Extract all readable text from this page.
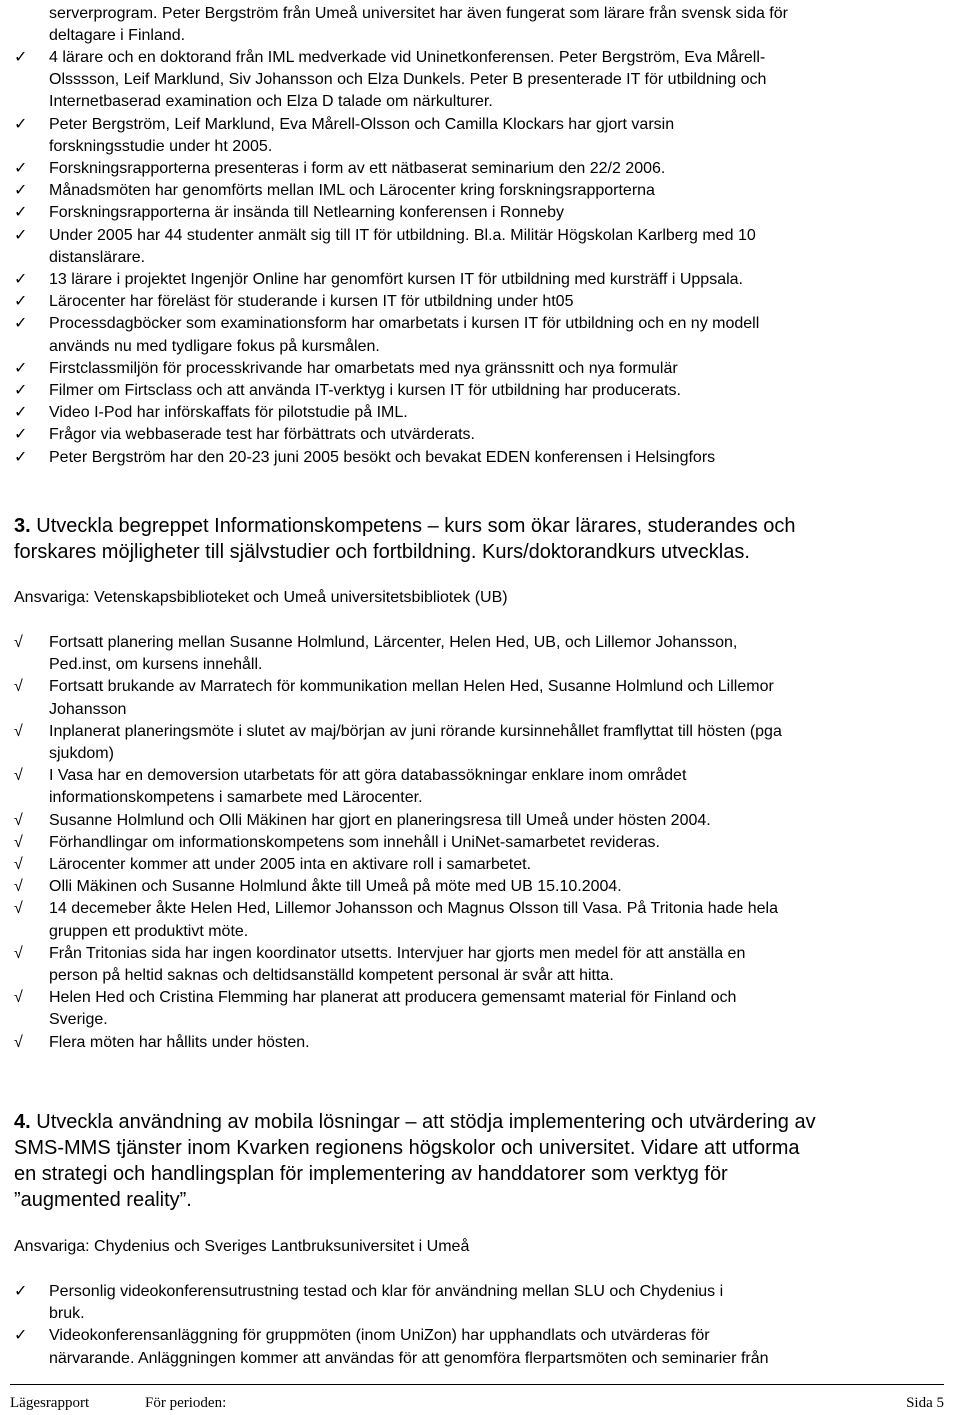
serverprogram. Peter Bergström från Umeå universitet har även fungerat som lärare från svensk sida för
deltagare i Finland.
✓	4 lärare och en doktorand från IML medverkade vid Uninetkonferensen. Peter Bergström, Eva Mårell-
Olsssson, Leif Marklund, Siv Johansson och Elza Dunkels. Peter B presenterade IT för utbildning och
Internetbaserad examination och Elza D talade om närkulturer.
✓	Peter Bergström, Leif Marklund, Eva Mårell-Olsson och Camilla Klockars har gjort varsin
forskningsstudie under ht 2005.
✓	Forskningsrapporterna presenteras i form av ett nätbaserat seminarium den 22/2 2006.
✓	Månadsmöten har genomförts mellan IML och Lärocenter kring forskningsrapporterna
✓	Forskningsrapporterna är insända till Netlearning konferensen i Ronneby
✓	Under 2005 har 44 studenter anmält sig till IT för utbildning. Bl.a. Militär Högskolan Karlberg med 10
distanslärare.
✓	13 lärare i projektet Ingenjör Online har genomfört kursen IT för utbildning med kursträff i Uppsala.
✓	Lärocenter har föreläst för studerande i kursen IT för utbildning under ht05
✓	Processdagböcker som examinationsform har omarbetats i kursen IT för utbildning och en ny modell
används nu med tydligare fokus på kursmålen.
✓	Firstclassmiljön för processkrivande har omarbetats med nya gränssnitt och nya formulär
✓	Filmer om Firtsclass och att använda IT-verktyg i kursen IT för utbildning har producerats.
✓	Video I-Pod har införskaffats för pilotstudie på IML.
✓	Frågor via webbaserade test har förbättrats och utvärderats.
✓	Peter Bergström har den 20-23 juni 2005 besökt och bevakat EDEN konferensen i Helsingfors
3. Utveckla begreppet Informationskompetens – kurs som ökar lärares, studerandes och
forskares möjligheter till självstudier och fortbildning. Kurs/doktorandkurs utvecklas.

Ansvariga: Vetenskapsbiblioteket och Umeå universitetsbibliotek (UB)

√	Fortsatt planering mellan Susanne Holmlund, Lärcenter, Helen Hed, UB, och Lillemor Johansson,
Ped.inst, om kursens innehåll.
√	Fortsatt brukande av Marratech för kommunikation mellan Helen Hed, Susanne Holmlund och Lillemor
Johansson
√	Inplanerat planeringsmöte i slutet av maj/början av juni rörande kursinnehållet framflyttat till hösten (pga
sjukdom)
√	I Vasa har en demoversion utarbetats för att göra databassökningar enklare inom området
informationskompetens i samarbete med Lärocenter.
√	Susanne Holmlund och Olli Mäkinen har gjort en planeringsresa till Umeå under hösten 2004.
√	Förhandlingar om informationskompetens som innehåll i UniNet-samarbetet revideras.
√	Lärocenter kommer att under 2005 inta en aktivare roll i samarbetet.
√	Olli Mäkinen och Susanne Holmlund åkte till Umeå på möte med UB 15.10.2004.
√	14 decemeber åkte Helen Hed, Lillemor Johansson och Magnus Olsson till Vasa. På Tritonia hade hela
gruppen ett produktivt möte.
√	Från Tritonias sida har ingen koordinator utsetts. Intervjuer har gjorts men medel för att anställa en
person på heltid saknas och deltidsanställd kompetent personal är svår att hitta.
√	Helen Hed och Cristina Flemming har planerat att producera gemensamt material för Finland och
Sverige.
√	Flera möten har hållits under hösten.
4. Utveckla användning av mobila lösningar – att stödja implementering och utvärdering av
SMS-MMS tjänster inom Kvarken regionens högskolor och universitet. Vidare att utforma
en strategi och handlingsplan för implementering av handdatorer som verktyg för
”augmented reality”.

Ansvariga: Chydenius och Sveriges Lantbruksuniversitet i Umeå

✓	Personlig videokonferensutrustning testad och klar för användning mellan SLU och Chydenius i
bruk.
✓	Videokonferensanläggning för gruppmöten (inom UniZon) har upphandlats och utvärderas för
närvarande. Anläggningen kommer att användas för att genomföra flerpartsmöten och seminarier från
Lägesrapport	För perioden:	Sida 5
